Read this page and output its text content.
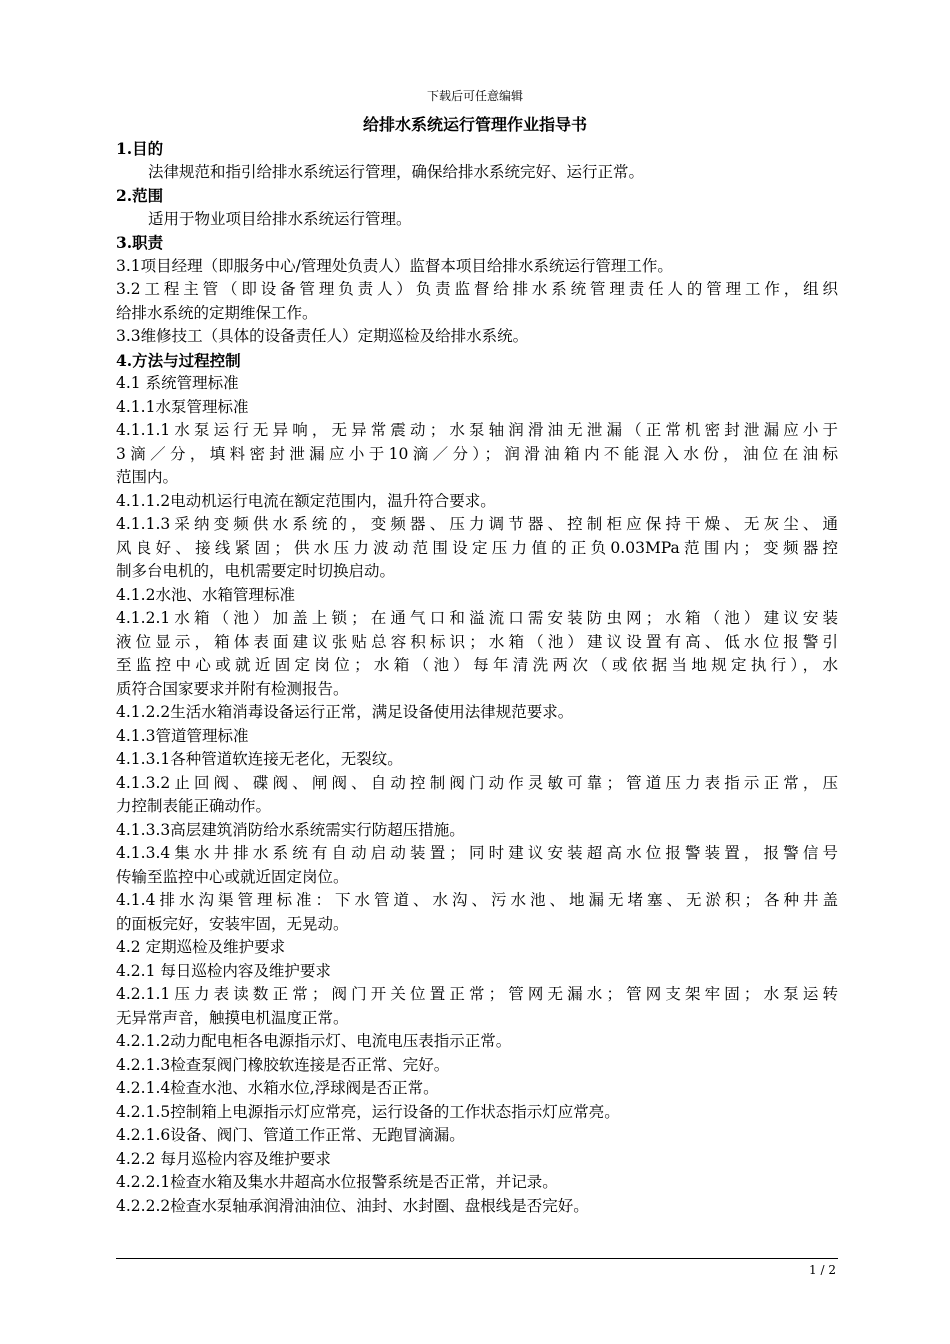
下载后可任意编辑
给排水系统运行管理作业指导书
1.目的
法律规范和指引给排水系统运行管理，确保给排水系统完好、运行正常。
2.范围
适用于物业项目给排水系统运行管理。
3.职责
3.1项目经理（即服务中心/管理处负责人）监督本项目给排水系统运行管理工作。
3.2工程主管（即设备管理负责人）负责监督给排水系统管理责任人的管理工作，组织
给排水系统的定期维保工作。
3.3维修技工（具体的设备责任人）定期巡检及给排水系统。
4.方法与过程控制
4.1 系统管理标准
4.1.1水泵管理标准
4.1.1.1水泵运行无异响，无异常震动；水泵轴润滑油无泄漏（正常机密封泄漏应小于
3滴／分，填料密封泄漏应小于10滴／分）；润滑油箱内不能混入水份，油位在油标
范围内。
4.1.1.2电动机运行电流在额定范围内，温升符合要求。
4.1.1.3采纳变频供水系统的，变频器、压力调节器、控制柜应保持干燥、无灰尘、通
风良好、接线紧固；供水压力波动范围设定压力值的正负0.03MPa范围内；变频器控
制多台电机的，电机需要定时切换启动。
4.1.2水池、水箱管理标准
4.1.2.1水箱（池）加盖上锁；在通气口和溢流口需安装防虫网；水箱（池）建议安装
液位显示，箱体表面建议张贴总容积标识；水箱（池）建议设置有高、低水位报警引
至监控中心或就近固定岗位；水箱（池）每年清洗两次（或依据当地规定执行），水
质符合国家要求并附有检测报告。
4.1.2.2生活水箱消毒设备运行正常，满足设备使用法律规范要求。
4.1.3管道管理标准
4.1.3.1各种管道软连接无老化，无裂纹。
4.1.3.2止回阀、碟阀、闸阀、自动控制阀门动作灵敏可靠；管道压力表指示正常，压
力控制表能正确动作。
4.1.3.3高层建筑消防给水系统需实行防超压措施。
4.1.3.4集水井排水系统有自动启动装置；同时建议安装超高水位报警装置，报警信号
传输至监控中心或就近固定岗位。
4.1.4排水沟渠管理标准：下水管道、水沟、污水池、地漏无堵塞、无淤积；各种井盖
的面板完好，安装牢固，无晃动。
4.2 定期巡检及维护要求
4.2.1 每日巡检内容及维护要求
4.2.1.1压力表读数正常；阀门开关位置正常；管网无漏水；管网支架牢固；水泵运转
无异常声音，触摸电机温度正常。
4.2.1.2动力配电柜各电源指示灯、电流电压表指示正常。
4.2.1.3检查泵阀门橡胶软连接是否正常、完好。
4.2.1.4检查水池、水箱水位,浮球阀是否正常。
4.2.1.5控制箱上电源指示灯应常亮，运行设备的工作状态指示灯应常亮。
4.2.1.6设备、阀门、管道工作正常、无跑冒滴漏。
4.2.2 每月巡检内容及维护要求
4.2.2.1检查水箱及集水井超高水位报警系统是否正常，并记录。
4.2.2.2检查水泵轴承润滑油油位、油封、水封圈、盘根线是否完好。
1 / 2
